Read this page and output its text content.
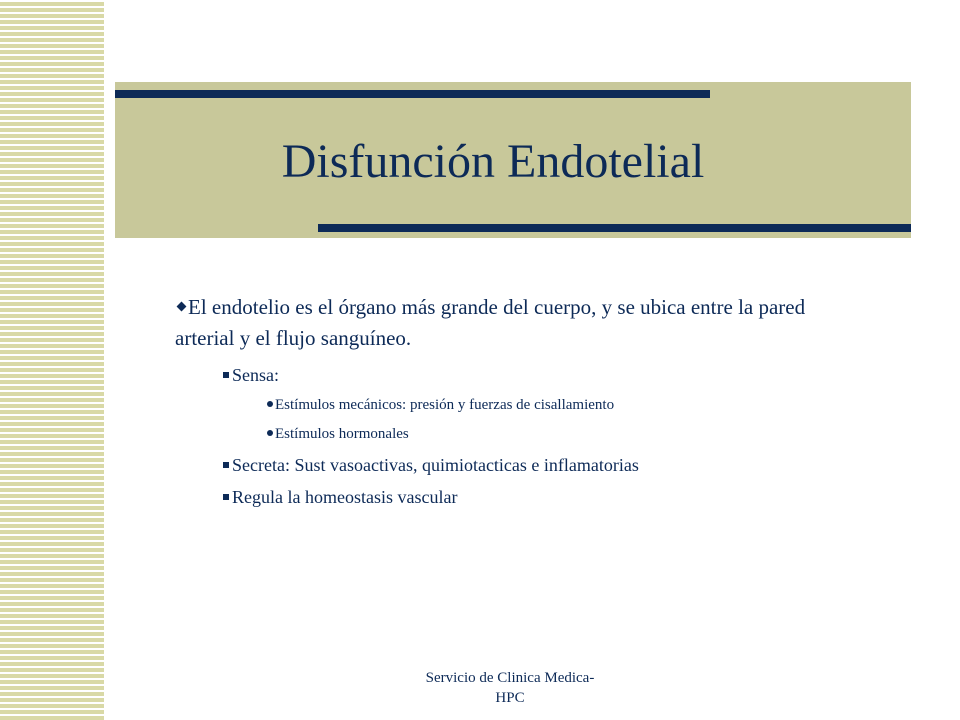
Disfunción Endotelial

El endotelio es el órgano más grande del cuerpo, y se ubica entre la pared arterial y el flujo sanguíneo.

Sensa:

Estímulos mecánicos: presión y fuerzas de cisallamiento

Estímulos hormonales

Secreta: Sust vasoactivas, quimiotacticas e inflamatorias

Regula la homeostasis vascular

Servicio de Clinica Medica-
HPC
